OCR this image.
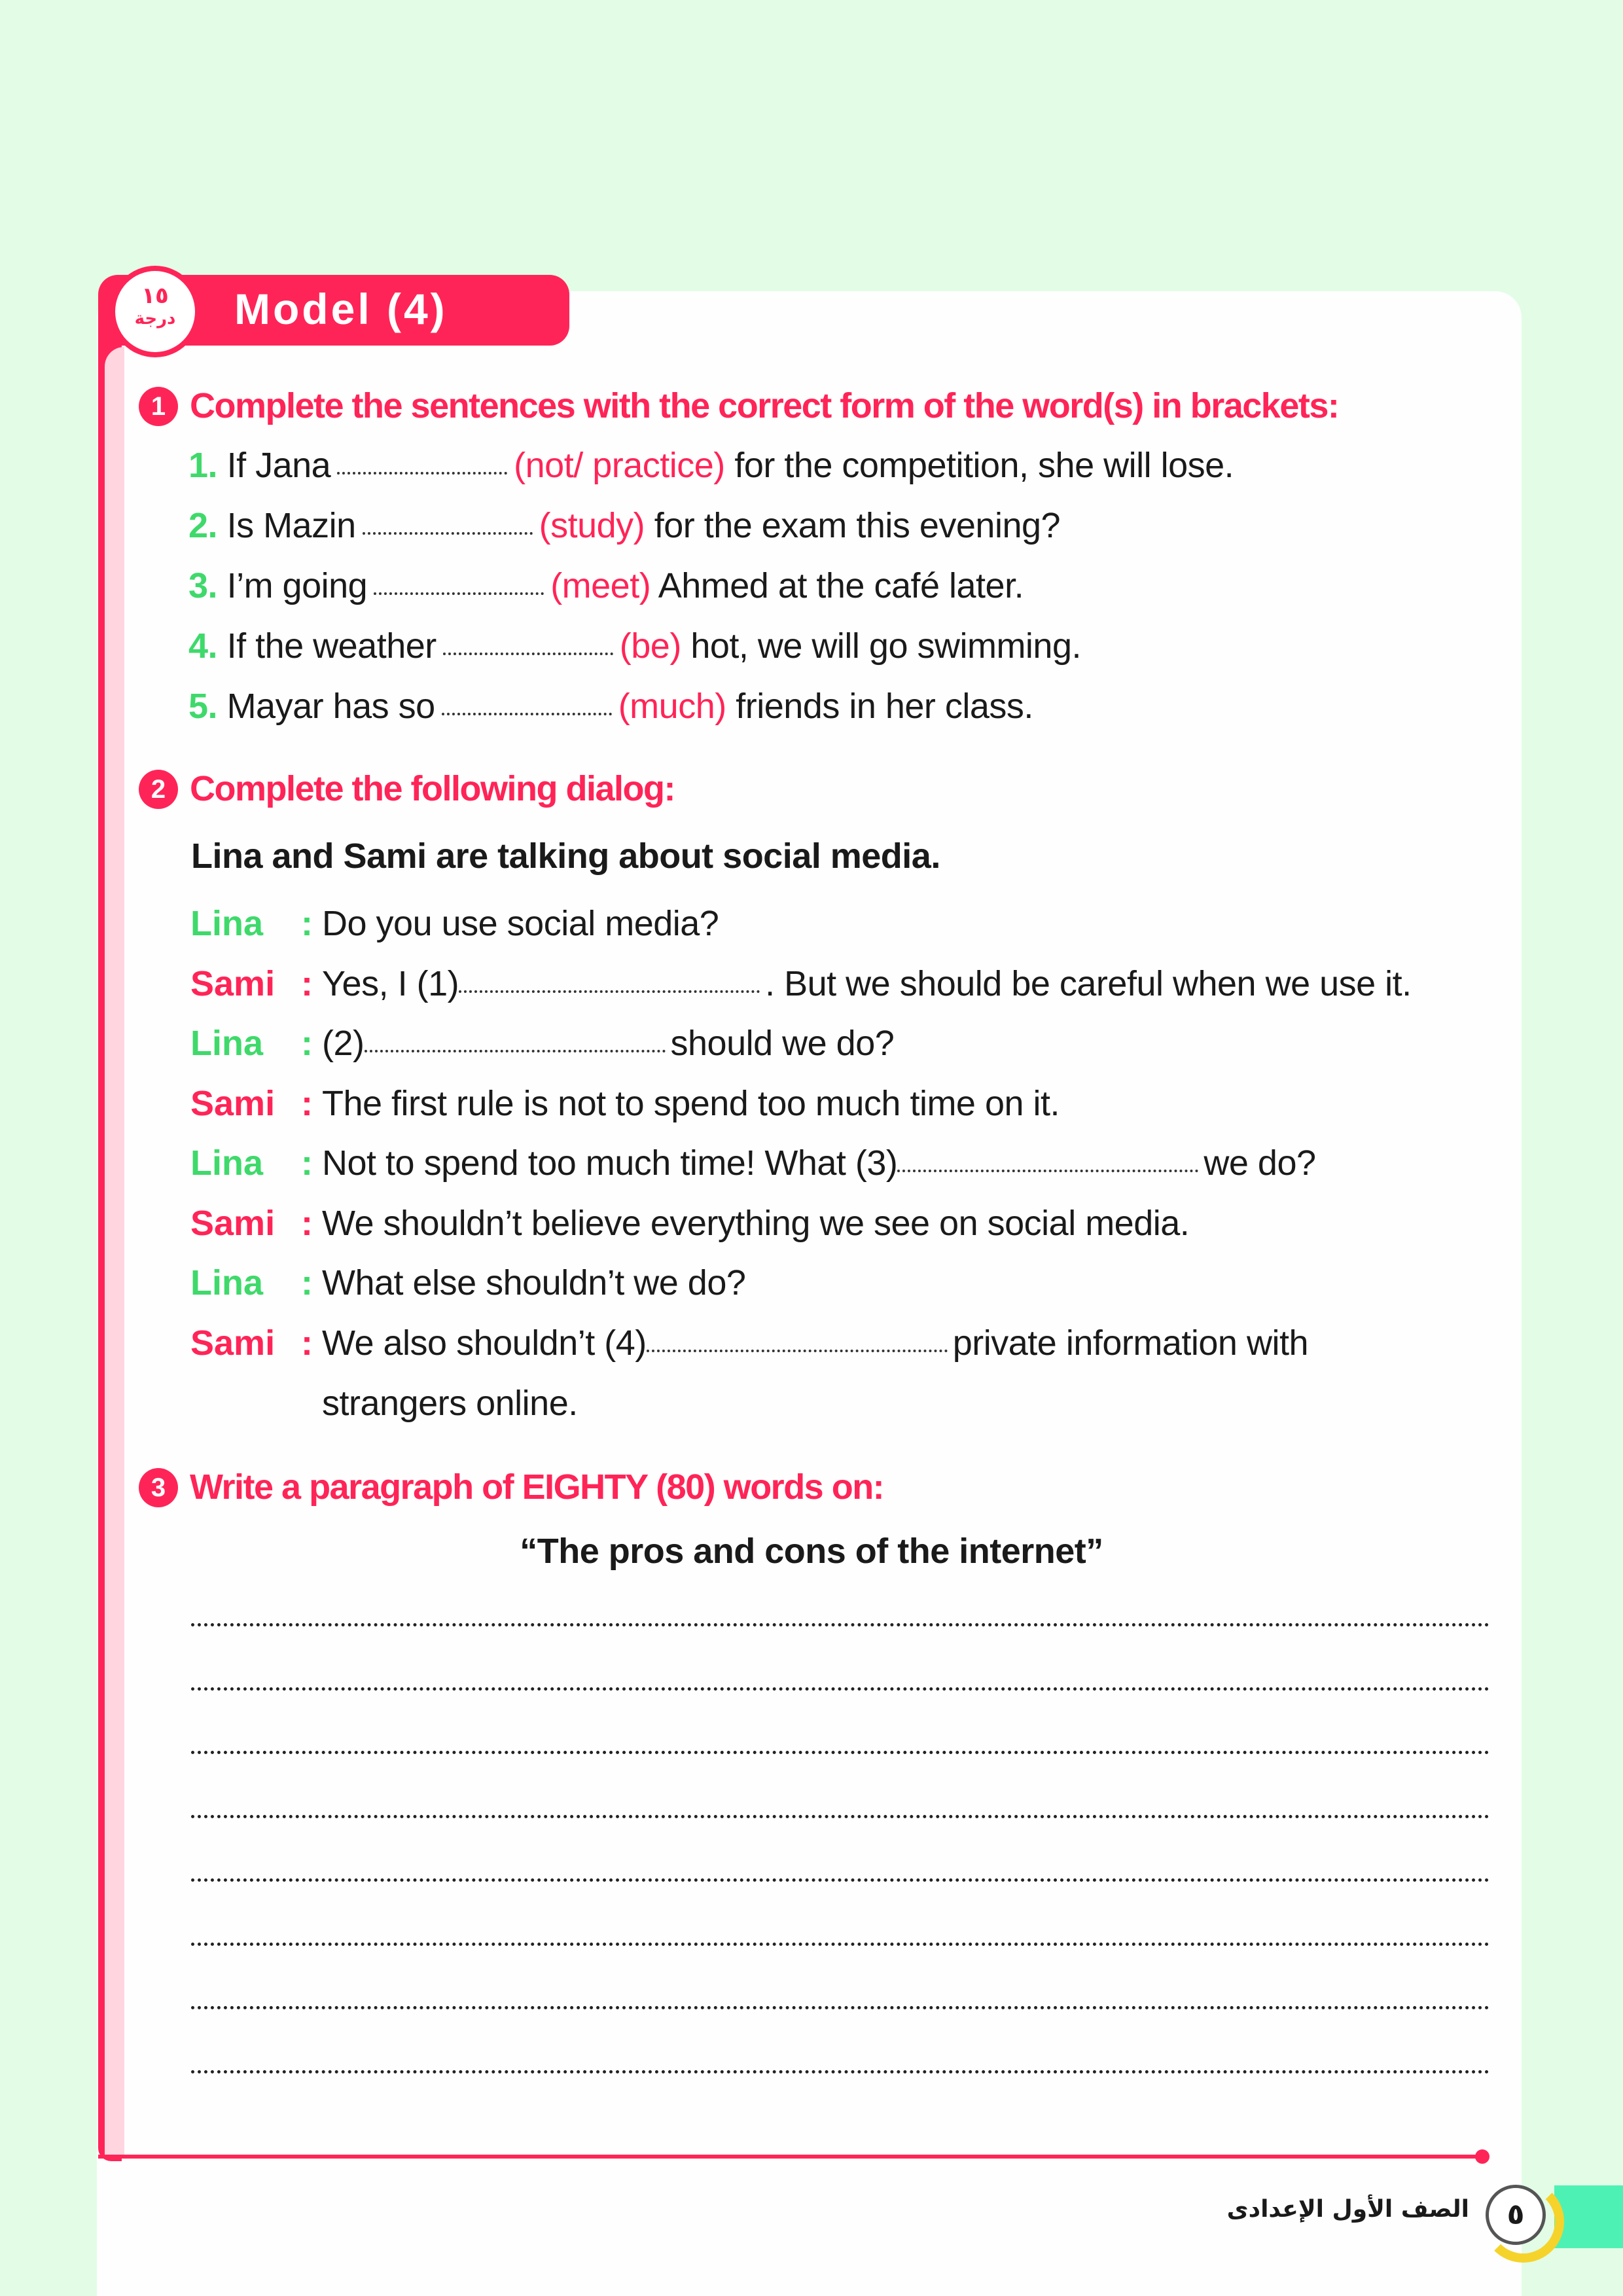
Model (4)
١٥
درجة
1 Complete the sentences with the correct form of the word(s) in brackets:
1. If Jana	(not/ practice) for the competition, she will lose.
2. Is Mazin	(study) for the exam this evening?
3. I’m going	(meet) Ahmed at the café later.
4. If the weather	(be) hot, we will go swimming.
5. Mayar has so	(much) friends in her class.
2 Complete the following dialog:
Lina and Sami are talking about social media.
Lina : Do you use social media?
Sami : Yes, I (1)	. But we should be careful when we use it.
Lina : (2)	should we do?
Sami : The first rule is not to spend too much time on it.
Lina : Not to spend too much time! What (3)	we do?
Sami : We shouldn’t believe everything we see on social media.
Lina : What else shouldn’t we do?
Sami : We also shouldn’t (4)	private information with
strangers online.
3 Write a paragraph of EIGHTY (80) words on:
“The pros and cons of the internet”
٥
الصف الأول الإعدادى
